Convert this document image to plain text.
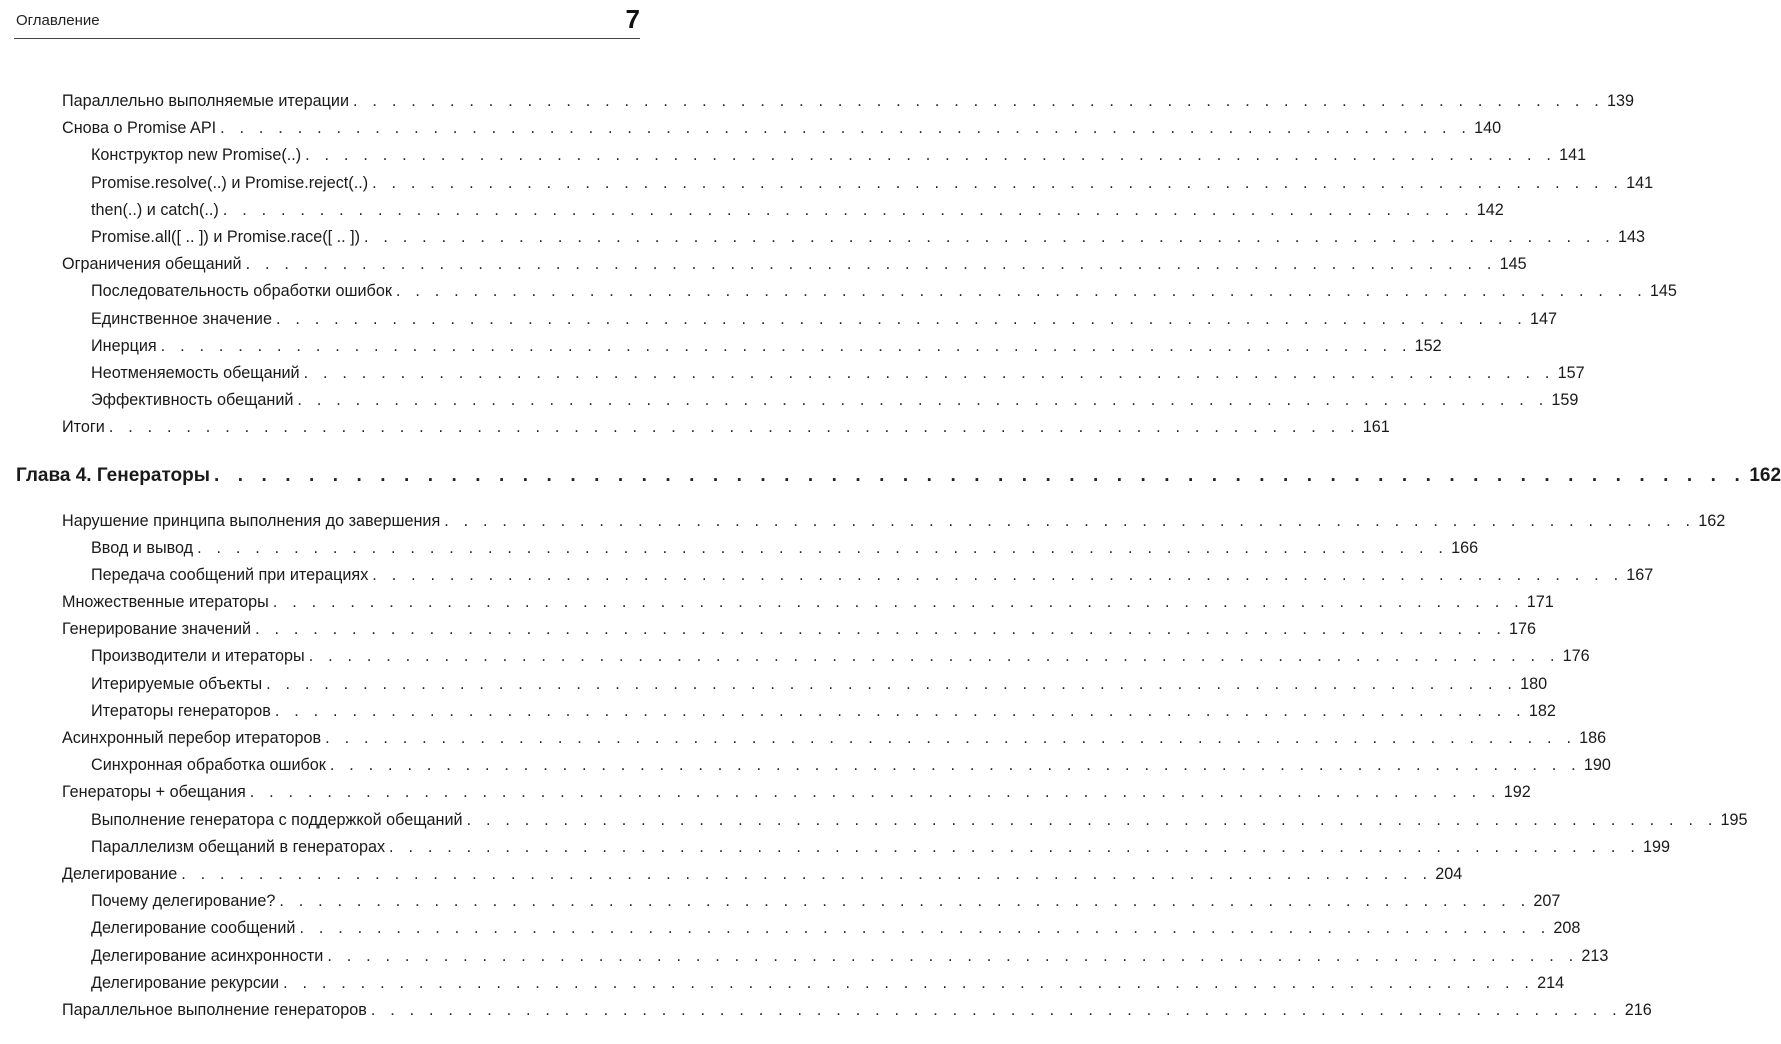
Оглавление	7
Параллельно выполняемые итерации . . . . . . . . . . . . . . . . . . . . . . . . . . . . . . . . . . . . . . . . . . . . . . . . . . . . . . . . . . . . . . . . . 139
Снова о Promise API . . . . . . . . . . . . . . . . . . . . . . . . . . . . . . . . . . . . . . . . . . . . . . . . . . . . . . . . . . . . . . . . . 140
Конструктор new Promise(..) . . . . . . . . . . . . . . . . . . . . . . . . . . . . . . . . . . . . . . . . . . . . . . . . . . . . . . . . . . . . . . . . . 141
Promise.resolve(..) и Promise.reject(..) . . . . . . . . . . . . . . . . . . . . . . . . . . . . . . . . . . . . . . . . . . . . . . . . . . . . . . . . . . . . . . . . . 141
then(..) и catch(..) . . . . . . . . . . . . . . . . . . . . . . . . . . . . . . . . . . . . . . . . . . . . . . . . . . . . . . . . . . . . . . . . . 142
Promise.all([ .. ]) и Promise.race([ .. ]) . . . . . . . . . . . . . . . . . . . . . . . . . . . . . . . . . . . . . . . . . . . . . . . . . . . . . . . . . . . . . . . . . 143
Ограничения обещаний . . . . . . . . . . . . . . . . . . . . . . . . . . . . . . . . . . . . . . . . . . . . . . . . . . . . . . . . . . . . . . . . . 145
Последовательность обработки ошибок . . . . . . . . . . . . . . . . . . . . . . . . . . . . . . . . . . . . . . . . . . . . . . . . . . . . . . . . . . . . . . . . . 145
Единственное значение . . . . . . . . . . . . . . . . . . . . . . . . . . . . . . . . . . . . . . . . . . . . . . . . . . . . . . . . . . . . . . . . . 147
Инерция . . . . . . . . . . . . . . . . . . . . . . . . . . . . . . . . . . . . . . . . . . . . . . . . . . . . . . . . . . . . . . . . . 152
Неотменяемость обещаний . . . . . . . . . . . . . . . . . . . . . . . . . . . . . . . . . . . . . . . . . . . . . . . . . . . . . . . . . . . . . . . . . 157
Эффективность обещаний . . . . . . . . . . . . . . . . . . . . . . . . . . . . . . . . . . . . . . . . . . . . . . . . . . . . . . . . . . . . . . . . . 159
Итоги . . . . . . . . . . . . . . . . . . . . . . . . . . . . . . . . . . . . . . . . . . . . . . . . . . . . . . . . . . . . . . . . . 161
Глава 4. Генераторы . . . . . . . . . . . . . . . . . . . . . . . . . . . . . . . . . . . . . . . . . . . . . . . . . . . . . . . . . . . . . . . . . 162
Нарушение принципа выполнения до завершения . . . . . . . . . . . . . . . . . . . . . . . . . . . . . . . . . . . . . . . . . . . . . . . . . . . . . . . . . . . . . . . . . 162
Ввод и вывод . . . . . . . . . . . . . . . . . . . . . . . . . . . . . . . . . . . . . . . . . . . . . . . . . . . . . . . . . . . . . . . . . 166
Передача сообщений при итерациях . . . . . . . . . . . . . . . . . . . . . . . . . . . . . . . . . . . . . . . . . . . . . . . . . . . . . . . . . . . . . . . . . 167
Множественные итераторы . . . . . . . . . . . . . . . . . . . . . . . . . . . . . . . . . . . . . . . . . . . . . . . . . . . . . . . . . . . . . . . . . 171
Генерирование значений . . . . . . . . . . . . . . . . . . . . . . . . . . . . . . . . . . . . . . . . . . . . . . . . . . . . . . . . . . . . . . . . . 176
Производители и итераторы . . . . . . . . . . . . . . . . . . . . . . . . . . . . . . . . . . . . . . . . . . . . . . . . . . . . . . . . . . . . . . . . . 176
Итерируемые объекты . . . . . . . . . . . . . . . . . . . . . . . . . . . . . . . . . . . . . . . . . . . . . . . . . . . . . . . . . . . . . . . . . 180
Итераторы генераторов . . . . . . . . . . . . . . . . . . . . . . . . . . . . . . . . . . . . . . . . . . . . . . . . . . . . . . . . . . . . . . . . . 182
Асинхронный перебор итераторов . . . . . . . . . . . . . . . . . . . . . . . . . . . . . . . . . . . . . . . . . . . . . . . . . . . . . . . . . . . . . . . . . 186
Синхронная обработка ошибок . . . . . . . . . . . . . . . . . . . . . . . . . . . . . . . . . . . . . . . . . . . . . . . . . . . . . . . . . . . . . . . . . 190
Генераторы + обещания . . . . . . . . . . . . . . . . . . . . . . . . . . . . . . . . . . . . . . . . . . . . . . . . . . . . . . . . . . . . . . . . . 192
Выполнение генератора с поддержкой обещаний . . . . . . . . . . . . . . . . . . . . . . . . . . . . . . . . . . . . . . . . . . . . . . . . . . . . . . . . . . . . . . . . . 195
Параллелизм обещаний в генераторах . . . . . . . . . . . . . . . . . . . . . . . . . . . . . . . . . . . . . . . . . . . . . . . . . . . . . . . . . . . . . . . . . 199
Делегирование . . . . . . . . . . . . . . . . . . . . . . . . . . . . . . . . . . . . . . . . . . . . . . . . . . . . . . . . . . . . . . . . . 204
Почему делегирование? . . . . . . . . . . . . . . . . . . . . . . . . . . . . . . . . . . . . . . . . . . . . . . . . . . . . . . . . . . . . . . . . . 207
Делегирование сообщений . . . . . . . . . . . . . . . . . . . . . . . . . . . . . . . . . . . . . . . . . . . . . . . . . . . . . . . . . . . . . . . . . 208
Делегирование асинхронности . . . . . . . . . . . . . . . . . . . . . . . . . . . . . . . . . . . . . . . . . . . . . . . . . . . . . . . . . . . . . . . . . 213
Делегирование рекурсии . . . . . . . . . . . . . . . . . . . . . . . . . . . . . . . . . . . . . . . . . . . . . . . . . . . . . . . . . . . . . . . . . 214
Параллельное выполнение генераторов . . . . . . . . . . . . . . . . . . . . . . . . . . . . . . . . . . . . . . . . . . . . . . . . . . . . . . . . . . . . . . . . . 216
